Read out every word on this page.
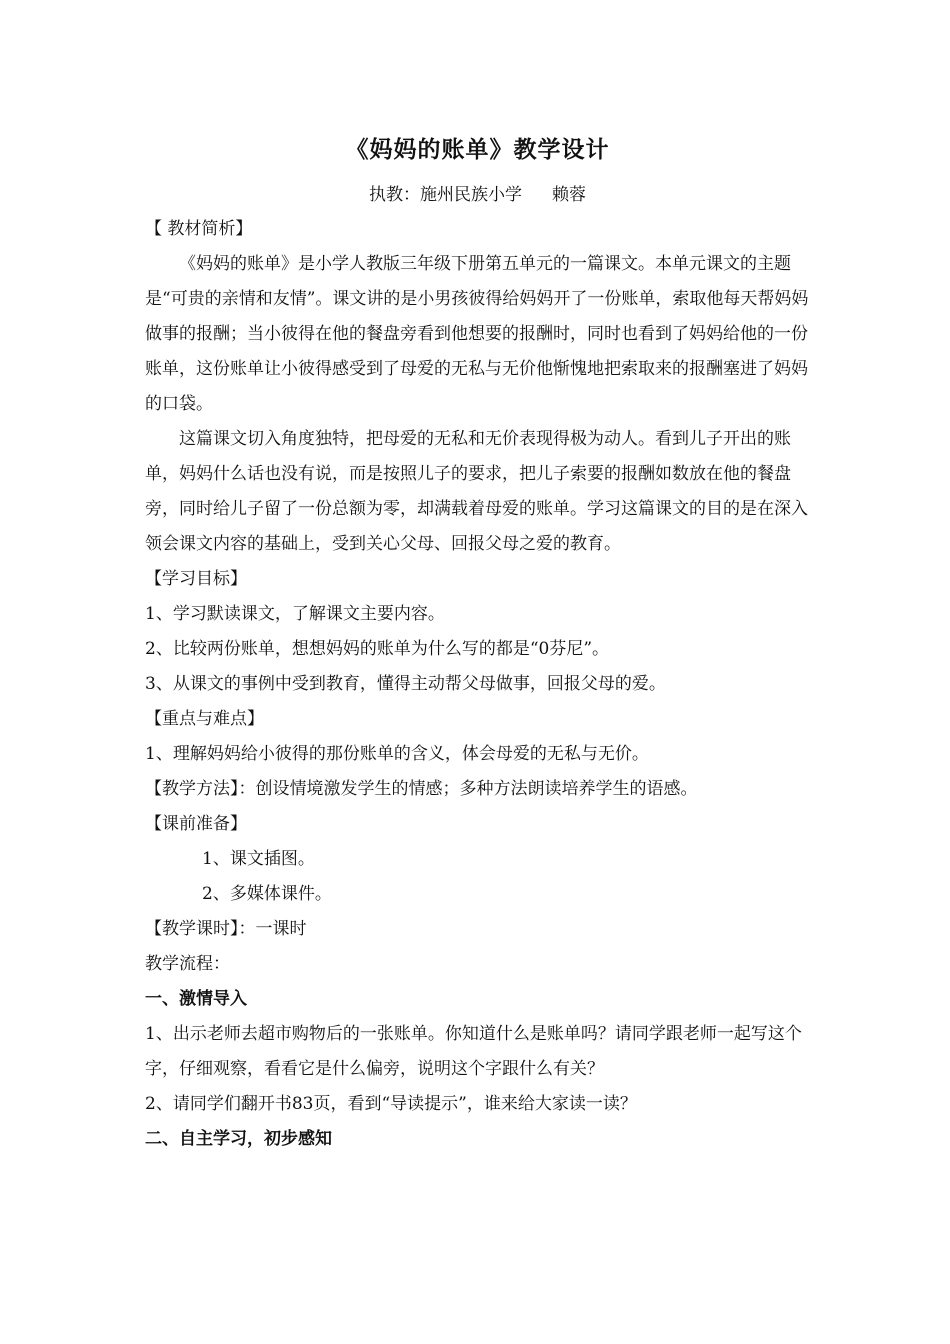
《妈妈的账单》教学设计

执教：施州民族小学 赖蓉

【 教材简析】

《妈妈的账单》是小学人教版三年级下册第五单元的一篇课文。本单元课文的主题是“可贵的亲情和友情”。课文讲的是小男孩彼得给妈妈开了一份账单，索取他每天帮妈妈做事的报酬；当小彼得在他的餐盘旁看到他想要的报酬时，同时也看到了妈妈给他的一份账单，这份账单让小彼得感受到了母爱的无私与无价他惭愧地把索取来的报酬塞进了妈妈的口袋。

这篇课文切入角度独特，把母爱的无私和无价表现得极为动人。看到儿子开出的账单，妈妈什么话也没有说，而是按照儿子的要求，把儿子索要的报酬如数放在他的餐盘旁，同时给儿子留了一份总额为零，却满载着母爱的账单。学习这篇课文的目的是在深入领会课文内容的基础上，受到关心父母、回报父母之爱的教育。

【学习目标】

1、学习默读课文，了解课文主要内容。

2、比较两份账单，想想妈妈的账单为什么写的都是“0芬尼”。

3、从课文的事例中受到教育，懂得主动帮父母做事，回报父母的爱。

【重点与难点】

1、理解妈妈给小彼得的那份账单的含义，体会母爱的无私与无价。

【教学方法】：创设情境激发学生的情感；多种方法朗读培养学生的语感。

【课前准备】

1、课文插图。

2、多媒体课件。

【教学课时】：一课时

教学流程：

一、激情导入

1、出示老师去超市购物后的一张账单。你知道什么是账单吗？请同学跟老师一起写这个字，仔细观察，看看它是什么偏旁，说明这个字跟什么有关？

2、请同学们翻开书83页，看到“导读提示”，谁来给大家读一读？

二、自主学习，初步感知
